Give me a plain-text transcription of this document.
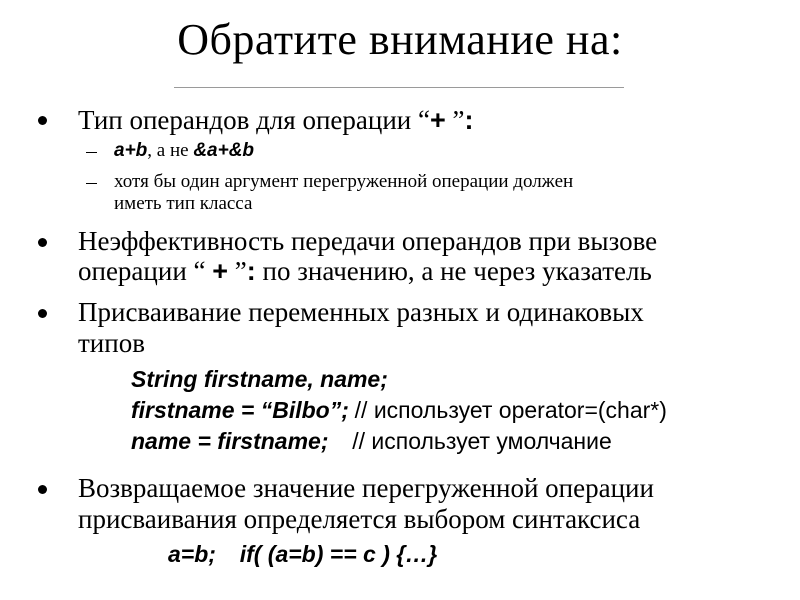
Обратите внимание на:
Тип операндов для операции “+ ”:
a+b, а не &a+&b
хотя бы один аргумент перегруженной операции должен
иметь тип класса
Неэффективность передачи операндов при вызове
операции “ + ”: по значению, а не через указатель
Присваивание переменных разных и одинаковых
типов
String firstname, name;
firstname = “Bilbo”; // использует operator=(char*)
name = firstname; // использует умолчание
Возвращаемое значение перегруженной операции
присваивания определяется выбором синтаксиса
a=b; if( (a=b) == c ) {…}
